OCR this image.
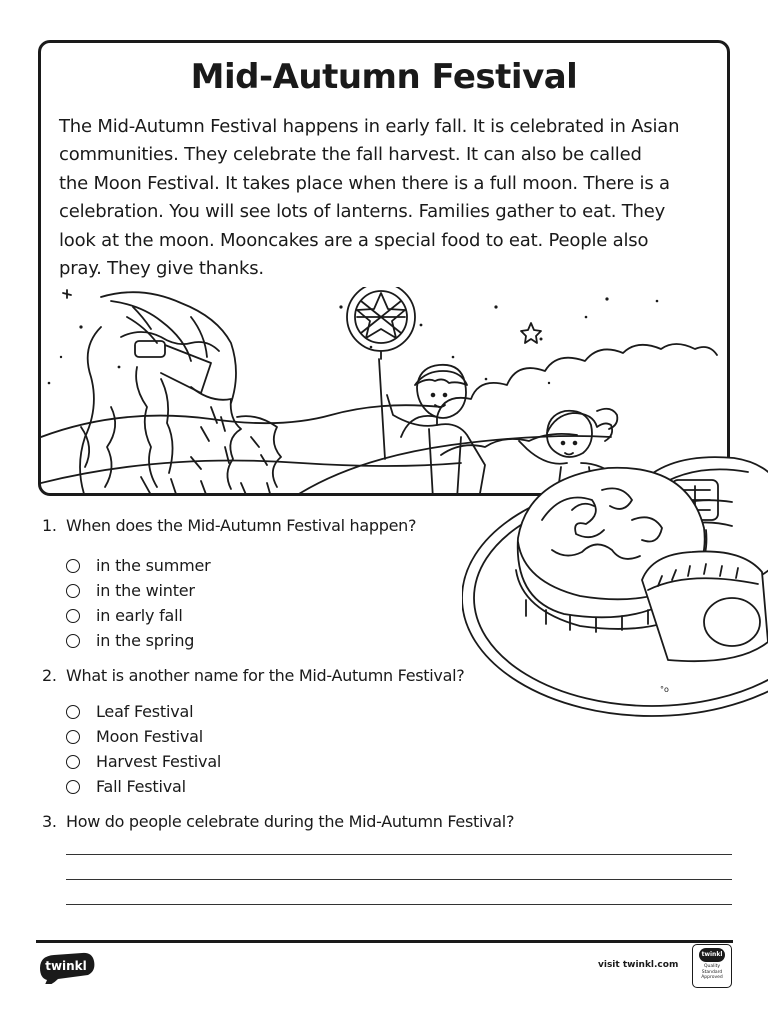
Mid-Autumn Festival
The Mid-Autumn Festival happens in early fall. It is celebrated in Asian
communities. They celebrate the fall harvest. It can also be called
the Moon Festival. It takes place when there is a full moon. There is a
celebration. You will see lots of lanterns. Families gather to eat. They
look at the moon. Mooncakes are a special food to eat. People also
pray. They give thanks.
°o
1. When does the Mid-Autumn Festival happen?
in the summer
in the winter
in early fall
in the spring
2. What is another name for the Mid-Autumn Festival?
Leaf Festival
Moon Festival
Harvest Festival
Fall Festival
3. How do people celebrate during the Mid-Autumn Festival?
twinkl	visit twinkl.com
twinkl
Quality Standard
Approved
